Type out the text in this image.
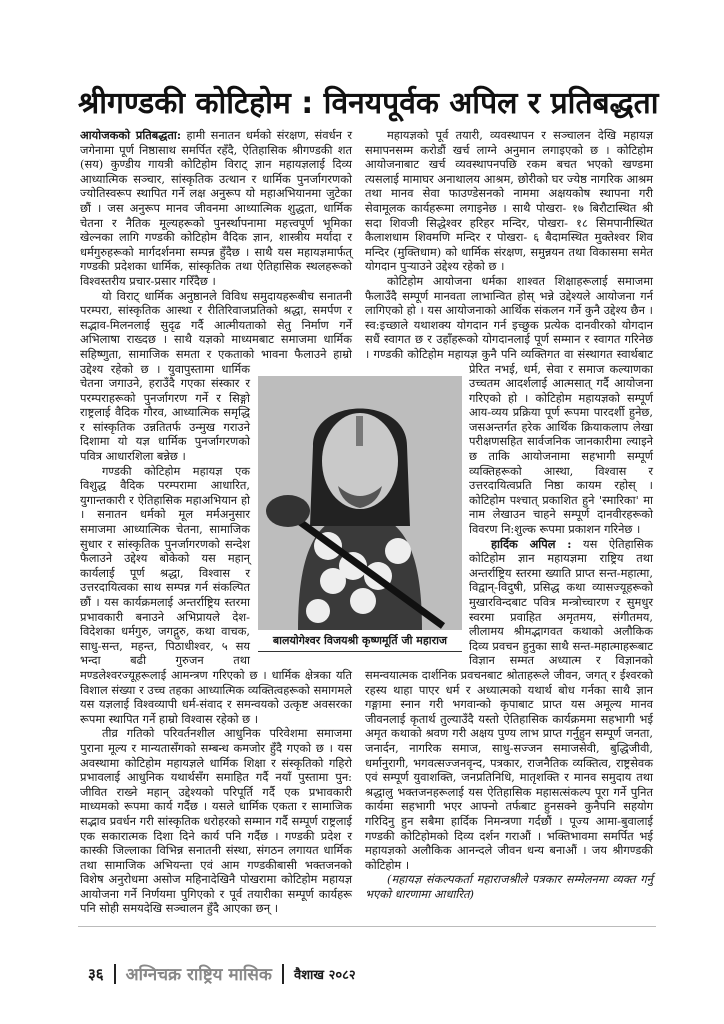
श्रीगण्डकी कोटिहोम : विनयपूर्वक अपिल र प्रतिबद्धता

आयोजकको प्रतिबद्धता: हामी सनातन धर्मको संरक्षण, संवर्धन र जगेनामा पूर्ण निष्ठासाथ समर्पित रहँदै, ऐतिहासिक श्रीगण्डकी शत (सय) कुण्डीय गायत्री कोटिहोम विराट् ज्ञान महायज्ञलाई दिव्य आध्यात्मिक सञ्चार, सांस्कृतिक उत्थान र धार्मिक पुनर्जागरणको ज्योतिस्वरूप स्थापित गर्ने लक्ष अनुरूप यो महाअभियानमा जुटेका छौं । जस अनुरूप मानव जीवनमा आध्यात्मिक शुद्धता, धार्मिक चेतना र नैतिक मूल्यहरूको पुनर्स्थापनामा महत्त्वपूर्ण भूमिका खेल्नका लागि गण्डकी कोटिहोम वैदिक ज्ञान, शास्त्रीय मर्यादा र धर्मगुरुहरूको मार्गदर्शनमा सम्पन्न हुँदैछ । साथै यस महायज्ञमार्फत् गण्डकी प्रदेशका धार्मिक, सांस्कृतिक तथा ऐतिहासिक स्थलहरूको विश्वस्तरीय प्रचार-प्रसार गरिँदैछ ।

यो विराट् धार्मिक अनुष्ठानले विविध समुदायहरूबीच सनातनी परम्परा, सांस्कृतिक आस्था र रीतिरिवाजप्रतिको श्रद्धा, समर्पण र सद्भाव-मिलनलाई सुदृढ गर्दै आत्मीयताको सेतु निर्माण गर्ने अभिलाषा राख्दछ । साथै यज्ञको माध्यमबाट समाजमा धार्मिक सहिष्णुता, सामाजिक समता र एकताको भावना फैलाउने हाम्रो उद्देश्य रहेको छ । युवापुस्तामा धार्मिक चेतना जगाउने, हराउँदै गएका संस्कार र परम्पराहरूको पुनर्जागरण गर्ने र सिङ्गो राष्ट्रलाई वैदिक गौरव, आध्यात्मिक समृद्धि र सांस्कृतिक उन्नतितर्फ उन्मुख गराउने दिशामा यो यज्ञ धार्मिक पुनर्जागरणको पवित्र आधारशिला बन्नेछ ।

गण्डकी कोटिहोम महायज्ञ एक विशुद्ध वैदिक परम्परामा आधारित, युगान्तकारी र ऐतिहासिक महाअभियान हो । सनातन धर्मको मूल मर्मअनुसार समाजमा आध्यात्मिक चेतना, सामाजिक सुधार र सांस्कृतिक पुनर्जागरणको सन्देश फैलाउने उद्देश्य बोकेको यस महान् कार्यलाई पूर्ण श्रद्धा, विश्वास र उत्तरदायित्वका साथ सम्पन्न गर्न संकल्पित छौं । यस कार्यक्रमलाई अन्तर्राष्ट्रिय स्तरमा प्रभावकारी बनाउने अभिप्रायले देश-विदेशका धर्मगुरु, जगद्गुरु, कथा वाचक, साधु-सन्त, महन्त, पिठाधीश्वर, ५ सय भन्दा बढी गुरुजन तथा मण्डलेश्वरज्यूहरूलाई आमन्त्रण गरिएको छ । धार्मिक क्षेत्रका यति विशाल संख्या र उच्च तहका आध्यात्मिक व्यक्तित्वहरूको समागमले यस यज्ञलाई विश्वव्यापी धर्म-संवाद र समन्वयको उत्कृष्ट अवसरका रूपमा स्थापित गर्ने हाम्रो विश्वास रहेको छ ।

तीव्र गतिको परिवर्तनशील आधुनिक परिवेशमा समाजमा पुराना मूल्य र मान्यतासँगको सम्बन्ध कमजोर हुँदै गएको छ । यस अवस्थामा कोटिहोम महायज्ञले धार्मिक शिक्षा र संस्कृतिको गहिरो प्रभावलाई आधुनिक यथार्थसँग समाहित गर्दै नयाँ पुस्तामा पुन: जीवित राख्ने महान् उद्देश्यको परिपूर्ति गर्दै एक प्रभावकारी माध्यमको रूपमा कार्य गर्दैछ । यसले धार्मिक एकता र सामाजिक सद्भाव प्रवर्धन गरी सांस्कृतिक धरोहरको सम्मान गर्दै सम्पूर्ण राष्ट्रलाई एक सकारात्मक दिशा दिने कार्य पनि गर्दैछ । गण्डकी प्रदेश र कास्की जिल्लाका विभिन्न सनातनी संस्था, संगठन लगायत धार्मिक तथा सामाजिक अभियन्ता एवं आम गण्डकीबासी भक्तजनको विशेष अनुरोधमा असोज महिनादेखिनै पोखरामा कोटिहोम महायज्ञ आयोजना गर्ने निर्णयमा पुगिएको र पूर्व तयारीका सम्पूर्ण कार्यहरू पनि सोही समयदेखि सञ्चालन हुँदै आएका छन् ।

महायज्ञको पूर्व तयारी, व्यवस्थापन र सञ्चालन देखि महायज्ञ समापनसम्म करोडौं खर्च लाग्ने अनुमान लगाइएको छ । कोटिहोम आयोजनाबाट खर्च व्यवस्थापनपछि रकम बचत भएको खण्डमा त्यसलाई मामाघर अनाथालय आश्रम, छोरीको घर ज्येष्ठ नागरिक आश्रम तथा मानव सेवा फाउण्डेसनको नाममा अक्षयकोष स्थापना गरी सेवामूलक कार्यहरूमा लगाइनेछ । साथै पोखरा- १७ बिरौटास्थित श्री सदा शिवजी सिद्धेश्वर हरिहर मन्दिर, पोखरा- १८ सिमपानीस्थित कैलाशधाम शिवमणि मन्दिर र पोखरा- ६ बैदामस्थित मुक्तेश्वर शिव मन्दिर (मुक्तिधाम) को धार्मिक संरक्षण, समुन्नयन तथा विकासमा समेत योगदान पुऱ्याउने उद्देश्य रहेको छ ।

कोटिहोम आयोजना धर्मका शाश्वत शिक्षाहरूलाई समाजमा फैलाउँदै सम्पूर्ण मानवता लाभान्वित होस् भन्ने उद्देश्यले आयोजना गर्न लागिएको हो । यस आयोजनाको आर्थिक संकलन गर्ने कुनै उद्देश्य छैन । स्व:इच्छाले यथाशक्य योगदान गर्न इच्छुक प्रत्येक दानवीरको योगदान सधैं स्वागत छ र उहाँहरूको योगदानलाई पूर्ण सम्मान र स्वागत गरिनेछ । गण्डकी कोटिहोम महायज्ञ कुनै पनि व्यक्तिगत वा संस्थागत स्वार्थबाट प्रेरित नभई, धर्म, सेवा र समाज कल्याणका उच्चतम आदर्शलाई आत्मसात् गर्दै आयोजना गरिएको हो । कोटिहोम महायज्ञको सम्पूर्ण आय-व्यय प्रक्रिया पूर्ण रूपमा पारदर्शी हुनेछ, जसअन्तर्गत हरेक आर्थिक क्रियाकलाप लेखा परीक्षणसहित सार्वजनिक जानकारीमा ल्याइने छ ताकि आयोजनामा सहभागी सम्पूर्ण व्यक्तिहरूको आस्था, विश्वास र उत्तरदायित्वप्रति निष्ठा कायम रहोस् । कोटिहोम पश्चात् प्रकाशित हुने 'स्मारिका' मा नाम लेखाउन चाहने सम्पूर्ण दानवीरहरूको विवरण नि:शुल्क रूपमा प्रकाशन गरिनेछ ।

हार्दिक अपिल : यस ऐतिहासिक कोटिहोम ज्ञान महायज्ञमा राष्ट्रिय तथा अन्तर्राष्ट्रिय स्तरमा ख्याति प्राप्त सन्त-महात्मा, विद्वान्-विदुषी, प्रसिद्ध कथा व्यासज्यूहरूको मुखारविन्दबाट पवित्र मन्त्रोच्चारण र सुमधुर स्वरमा प्रवाहित अमृतमय, संगीतमय, लीलामय श्रीमद्भागवत कथाको अलौकिक दिव्य प्रवचन हुनुका साथै सन्त-महात्माहरूबाट विज्ञान सम्मत अध्यात्म र विज्ञानको समन्वयात्मक दार्शनिक प्रवचनबाट श्रोताहरूले जीवन, जगत् र ईश्वरको रहस्य थाहा पाएर धर्म र अध्यात्मको यथार्थ बोध गर्नका साथै ज्ञान गङ्गामा स्नान गरी भगवान्को कृपाबाट प्राप्त यस अमूल्य मानव जीवनलाई कृतार्थ तुल्याउँदै यस्तो ऐतिहासिक कार्यक्रममा सहभागी भई अमृत कथाको श्रवण गरी अक्षय पुण्य लाभ प्राप्त गर्नुहुन सम्पूर्ण जनता, जनार्दन, नागरिक समाज, साधु-सज्जन समाजसेवी, बुद्धिजीवी, धर्मानुरागी, भगवत्सज्जनवृन्द, पत्रकार, राजनैतिक व्यक्तित्व, राष्ट्रसेवक एवं सम्पूर्ण युवाशक्ति, जनप्रतिनिधि, मातृशक्ति र मानव समुदाय तथा श्रद्धालु भक्तजनहरूलाई यस ऐतिहासिक महासत्संकल्प पूरा गर्ने पुनित कार्यमा सहभागी भएर आफ्नो तर्फबाट हुनसक्ने कुनैपनि सहयोग गरिदिनु हुन सबैमा हार्दिक निमन्त्रणा गर्दछौं । पूज्य आमा-बुवालाई गण्डकी कोटिहोमको दिव्य दर्शन गराऔं । भक्तिभावमा समर्पित भई महायज्ञको अलौकिक आनन्दले जीवन धन्य बनाऔं । जय श्रीगण्डकी कोटिहोम ।

(महायज्ञ संकल्पकर्ता महाराजश्रीले पत्रकार सम्मेलनमा व्यक्त गर्नु भएको धारणामा आधारित)

बालयोगेश्वर विजयश्री कृष्णमूर्ति जी महाराज
३६ अग्निचक्र राष्ट्रिय मासिक वैशाख २०८२
